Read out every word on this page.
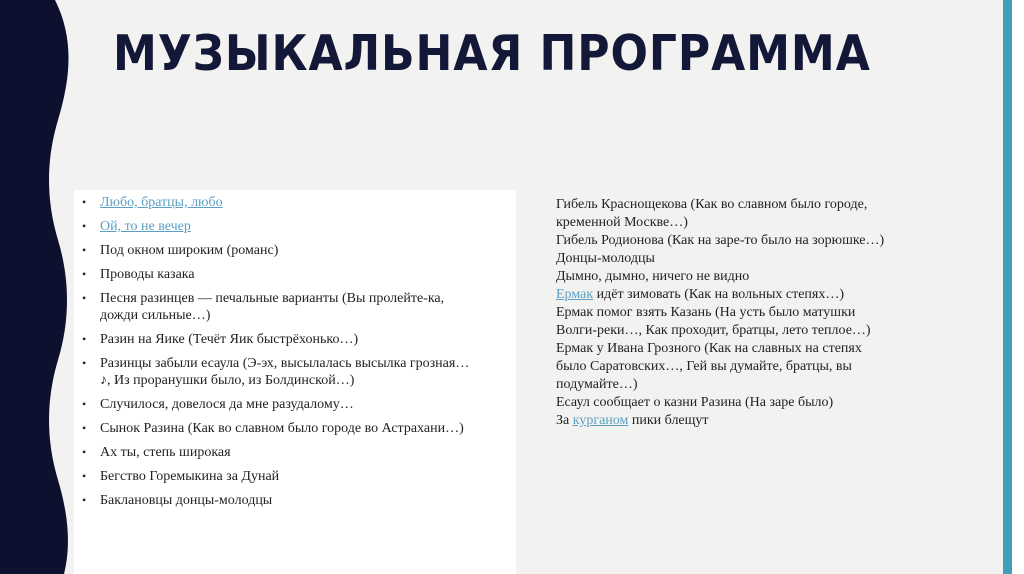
МУЗЫКАЛЬНАЯ ПРОГРАММА
• Любо, братцы, любо
• Ой, то не вечер
• Под окном широким (романс)
• Проводы казака
• Песня разинцев — печальные варианты (Вы пролейте-ка,
дожди сильные…)
• Разин на Яике (Течёт Яик быстрёхонько…)
• Разинцы забыли есаула (Э-эх, высылалась высылка грозная…
♪, Из проранушки было, из Болдинской…)
• Случилося, довелося да мне разудалому…
• Сынок Разина (Как во славном было городе во Астрахани…)
• Ах ты, степь широкая
• Бегство Горемыкина за Дунай
• Баклановцы донцы-молодцы
Гибель Краснощекова (Как во славном было городе,
кременной Москве…)
Гибель Родионова (Как на заре-то было на зорюшке…)
Донцы-молодцы
Дымно, дымно, ничего не видно
Ермак идёт зимовать (Как на вольных степях…)
Ермак помог взять Казань (На усть было матушки
Волги-реки…, Как проходит, братцы, лето теплое…)
Ермак у Ивана Грозного (Как на славных на степях
было Саратовских…, Гей вы думайте, братцы, вы
подумайте…)
Есаул сообщает о казни Разина (На заре было)
За курганом пики блещут
